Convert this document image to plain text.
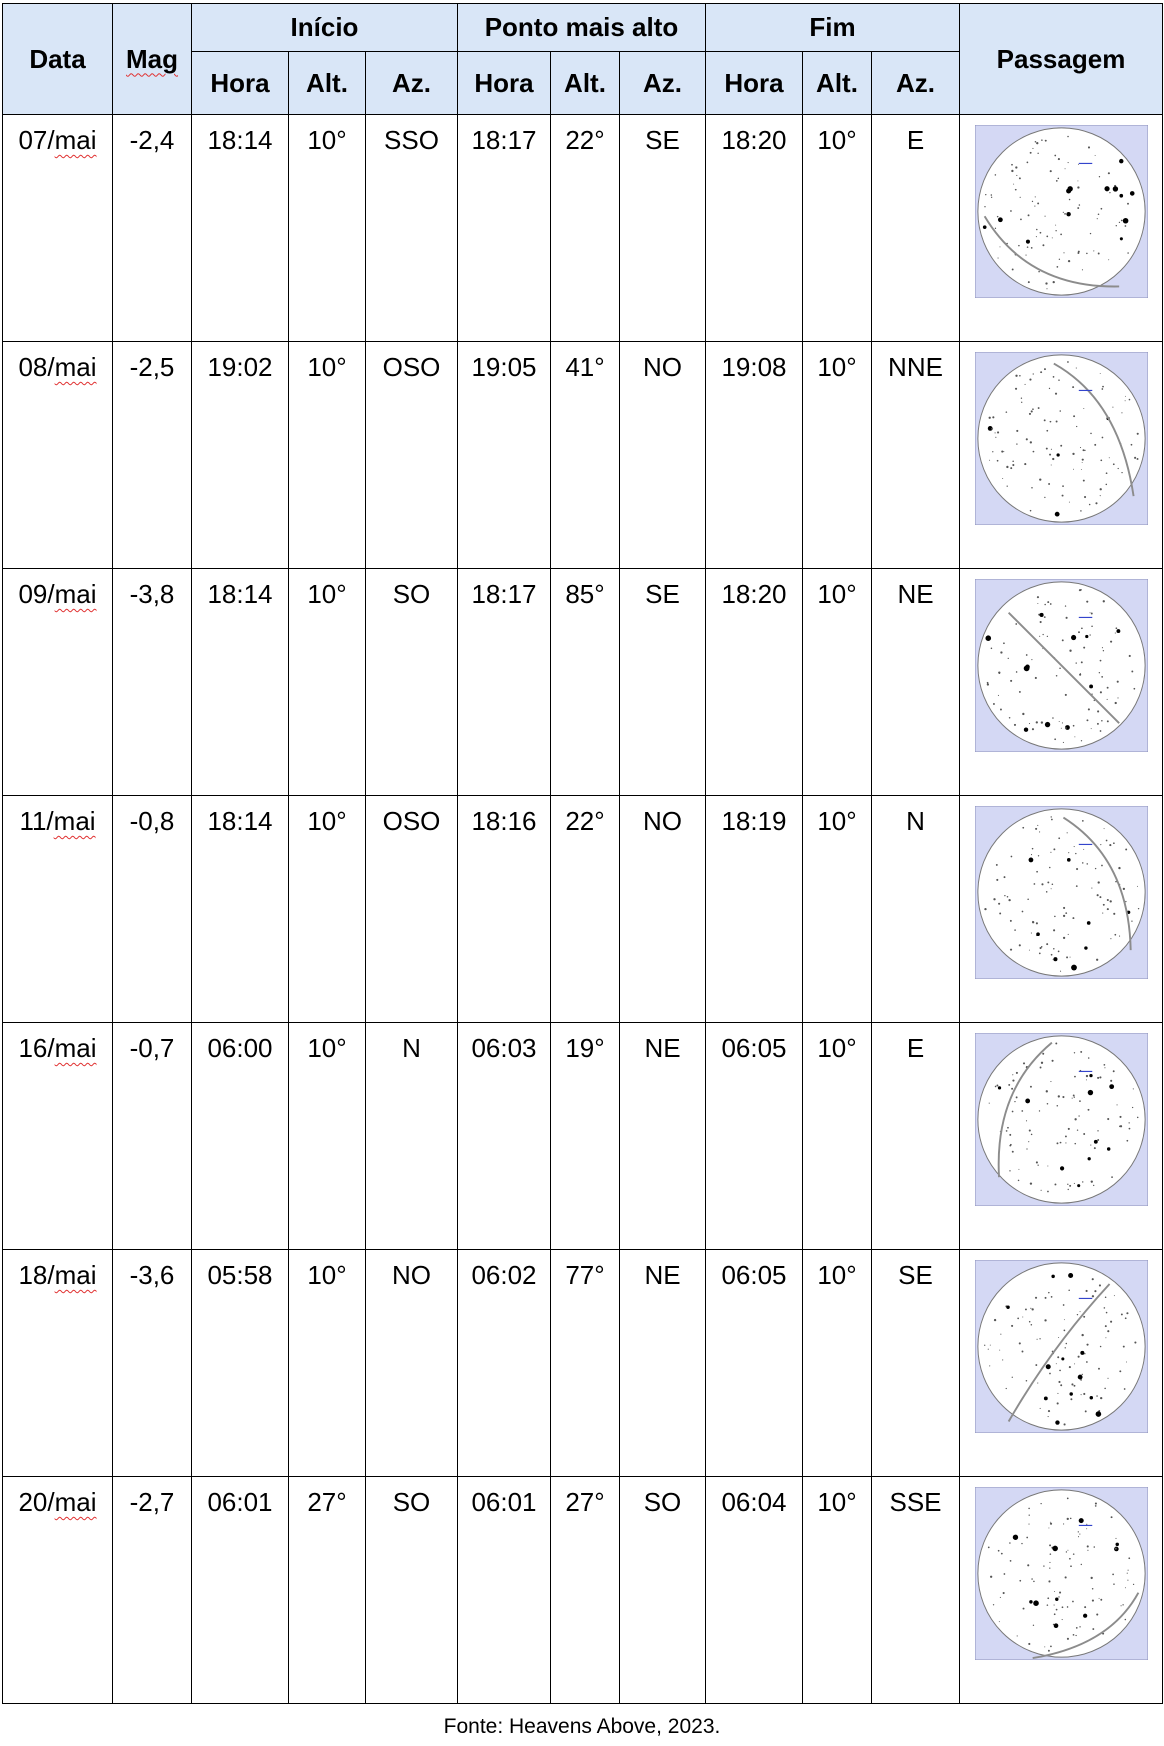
Data	Mag	Início			Ponto mais alto			Fim			Passagem
		Hora	Alt.	Az.	Hora	Alt.	Az.	Hora	Alt.	Az.	
07/mai	-2,4	18:14	10°	SSO	18:17	22°	SE	18:20	10°	E	

08/mai	-2,5	19:02	10°	OSO	19:05	41°	NO	19:08	10°	NNE	

09/mai	-3,8	18:14	10°	SO	18:17	85°	SE	18:20	10°	NE	

11/mai	-0,8	18:14	10°	OSO	18:16	22°	NO	18:19	10°	N	

16/mai	-0,7	06:00	10°	N	06:03	19°	NE	06:05	10°	E	

18/mai	-3,6	05:58	10°	NO	06:02	77°	NE	06:05	10°	SE	

20/mai	-2,7	06:01	27°	SO	06:01	27°	SO	06:04	10°	SSE	
Fonte: Heavens Above, 2023.
